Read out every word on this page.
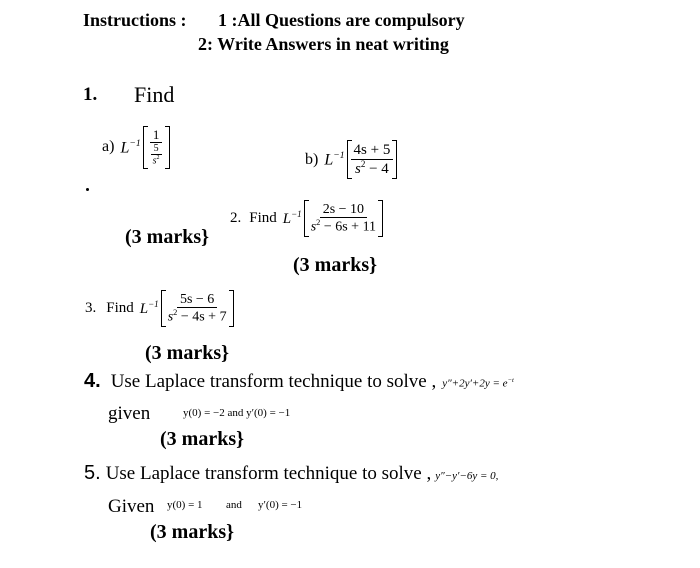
Instructions : 1 :All Questions are compulsory
2: Write Answers in neat writing
1. Find
a) $L^{-1} \frac{1}{\frac{5}{s^2}}$	b) $L^{-1} \frac{4s + 5}{s^2 - 4}$
(3 marks}
2. Find $L^{-1} \frac{2s - 10}{s^2 - 6s + 11}$
(3 marks}
3. Find $L^{-1} \frac{5s - 6}{s^2 - 4s + 7}$
(3 marks}
4. Use Laplace transform technique to solve , $y''+2y'+2y = e^{-t}$
given	y(0) = −2 and y′(0) = −1
(3 marks}
5. Use Laplace transform technique to solve , y″−y′−6y = 0,
Given y(0) = 1 and y′(0) = −1
(3 marks}
